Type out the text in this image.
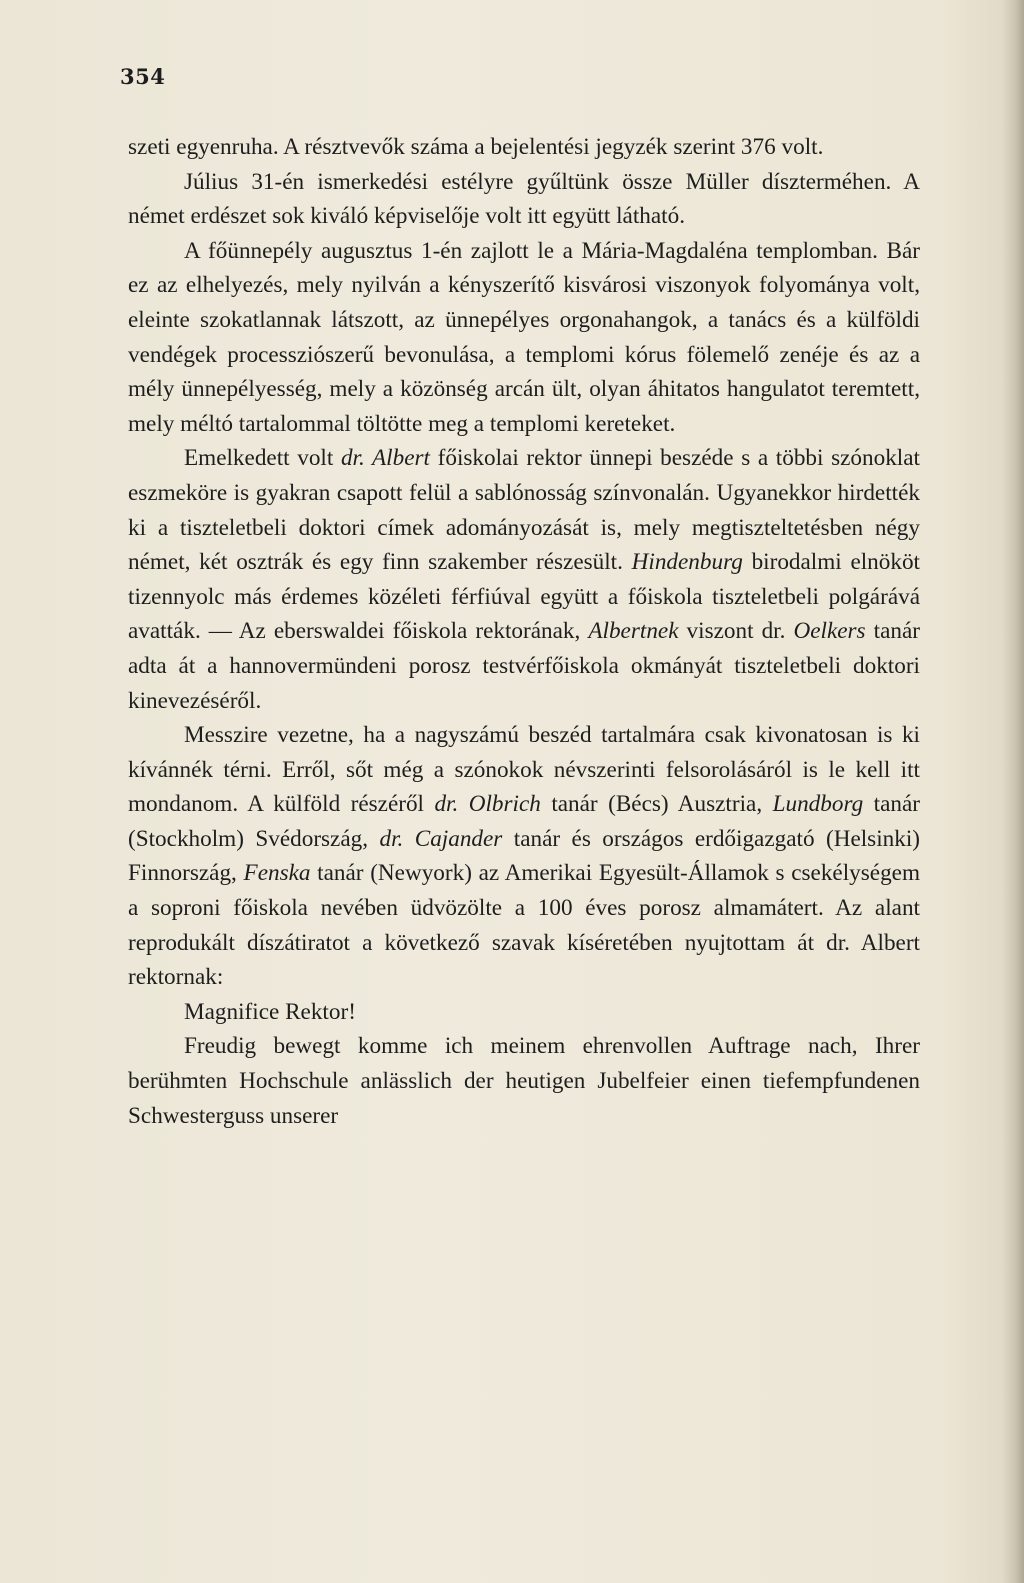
354

szeti egyenruha. A résztvevők száma a bejelentési jegyzék szerint 376 volt.

Július 31-én ismerkedési estélyre gyűltünk össze Müller díszterméhen. A német erdészet sok kiváló képviselője volt itt együtt látható.

A főünnepély augusztus 1-én zajlott le a Mária-Magdaléna templomban. Bár ez az elhelyezés, mely nyilván a kényszerítő kisvárosi viszonyok folyománya volt, eleinte szokatlannak látszott, az ünnepélyes orgonahangok, a tanács és a külföldi vendégek processziószerű bevonulása, a templomi kórus fölemelő zenéje és az a mély ünnepélyesség, mely a közönség arcán ült, olyan áhitatos hangulatot teremtett, mely méltó tartalommal töltötte meg a templomi kereteket.

Emelkedett volt dr. Albert főiskolai rektor ünnepi beszéde s a többi szónoklat eszmeköre is gyakran csapott felül a sablónosság színvonalán. Ugyanekkor hirdették ki a tiszteletbeli doktori címek adományozását is, mely megtiszteltetésben négy német, két osztrák és egy finn szakember részesült. Hindenburg birodalmi elnököt tizennyolc más érdemes közéleti férfiúval együtt a főiskola tiszteletbeli polgárává avatták. — Az eberswaldei főiskola rektorának, Albertnek viszont dr. Oelkers tanár adta át a hannovermündeni porosz testvérfőiskola okmányát tiszteletbeli doktori kinevezéséről.

Messzire vezetne, ha a nagyszámú beszéd tartalmára csak kivonatosan is ki kívánnék térni. Erről, sőt még a szónokok névszerinti felsorolásáról is le kell itt mondanom. A külföld részéről dr. Olbrich tanár (Bécs) Ausztria, Lundborg tanár (Stockholm) Svédország, dr. Cajander tanár és országos erdőigazgató (Helsinki) Finnország, Fenska tanár (Newyork) az Amerikai Egyesült-Államok s csekélységem a soproni főiskola nevében üdvözölte a 100 éves porosz almamátert. Az alant reprodukált díszátiratot a következő szavak kíséretében nyujtottam át dr. Albert rektornak:

Magnifice Rektor!

Freudig bewegt komme ich meinem ehrenvollen Auftrage nach, Ihrer berühmten Hochschule anlässlich der heutigen Jubelfeier einen tiefempfundenen Schwesterguss unserer
